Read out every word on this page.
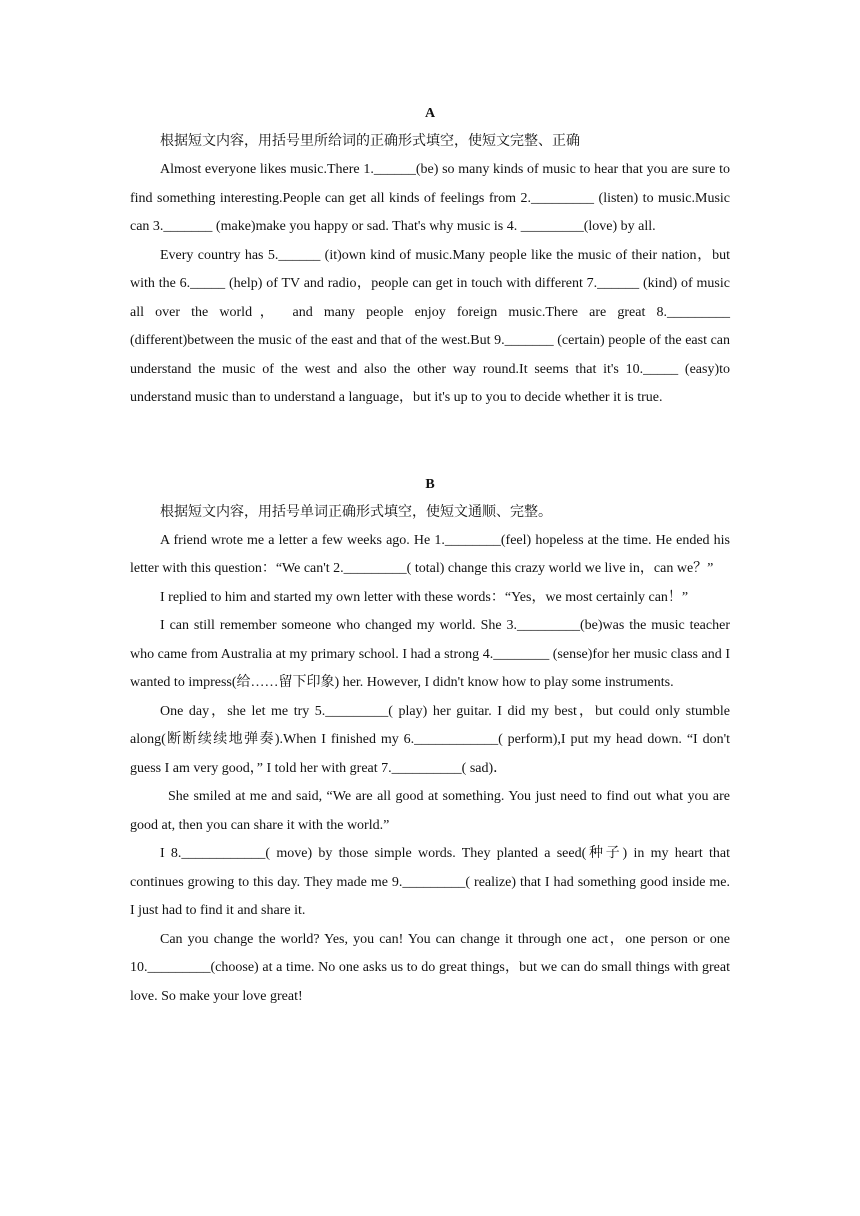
A

根据短文内容，用括号里所给词的正确形式填空，使短文完整、正确

Almost everyone likes music.There 1.______(be) so many kinds of music to hear that you are sure to find something interesting.People can get all kinds of feelings from 2._________ (listen) to music.Music can 3._______ (make)make you happy or sad. That's why music is 4. _________(love) by all.

Every country has 5.______ (it)own kind of music.Many people like the music of their nation，but with the 6._____ (help) of TV and radio，people can get in touch with different 7.______ (kind) of music all over the world， and many people enjoy foreign music.There are great 8._________ (different)between the music of the east and that of the west.But 9._______ (certain) people of the east can understand the music of the west and also the other way round.It seems that it's 10._____ (easy)to understand music than to understand a language，but it's up to you to decide whether it is true.

B

根据短文内容，用括号单词正确形式填空，使短文通顺、完整。

A friend wrote me a letter a few weeks ago. He 1.________(feel) hopeless at the time. He ended his letter with this question：“We can't 2._________( total) change this crazy world we live in，can we？”

I replied to him and started my own letter with these words：“Yes，we most certainly can！”

I can still remember someone who changed my world. She 3._________(be)was the music teacher who came from Australia at my primary school. I had a strong 4.________ (sense)for her music class and I wanted to impress(给……留下印象) her. However, I didn't know how to play some instruments.

One day，she let me try 5._________( play) her guitar. I did my best，but could only stumble along(断断续续地弹奏).When I finished my 6.____________( perform),I put my head down. “I don't guess I am very good，” I told her with great 7.__________( sad)．

She smiled at me and said, “We are all good at something. You just need to find out what you are good at, then you can share it with the world.”

I 8.____________( move) by those simple words. They planted a seed(种子) in my heart that continues growing to this day. They made me 9._________( realize) that I had something good inside me. I just had to find it and share it.

Can you change the world? Yes, you can! You can change it through one act，one person or one 10._________(choose) at a time. No one asks us to do great things，but we can do small things with great love. So make your love great!
